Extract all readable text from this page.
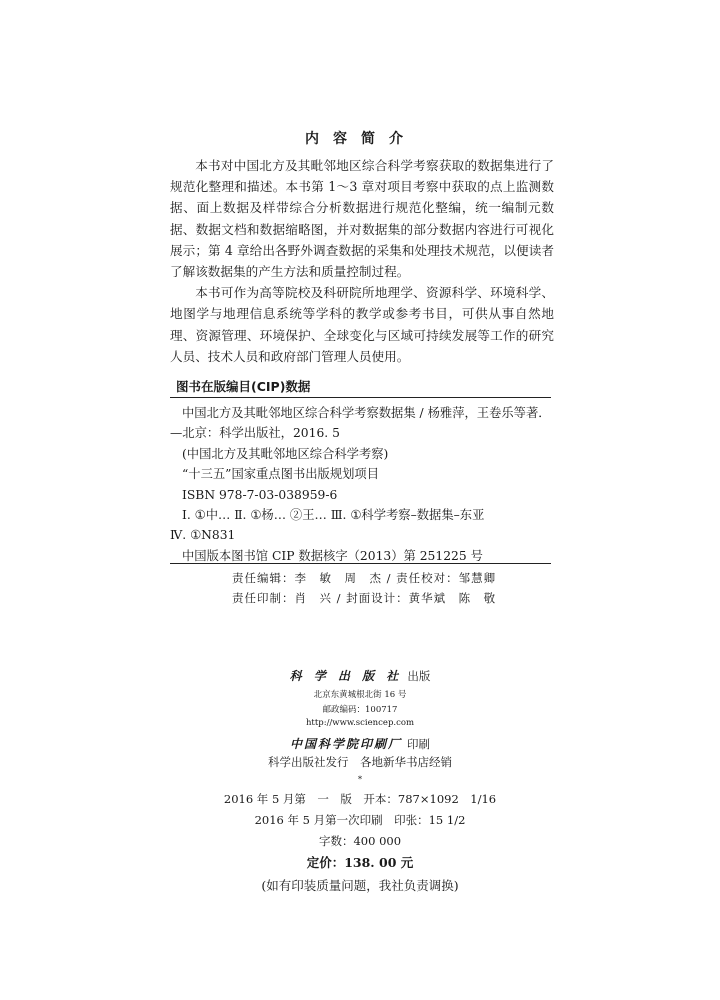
内容简介

本书对中国北方及其毗邻地区综合科学考察获取的数据集进行了规范化整理和描述。本书第 1～3 章对项目考察中获取的点上监测数据、面上数据及样带综合分析数据进行规范化整编，统一编制元数据、数据文档和数据缩略图，并对数据集的部分数据内容进行可视化展示；第 4 章给出各野外调查数据的采集和处理技术规范，以便读者了解该数据集的产生方法和质量控制过程。

本书可作为高等院校及科研院所地理学、资源科学、环境科学、地图学与地理信息系统等学科的教学或参考书目，可供从事自然地理、资源管理、环境保护、全球变化与区域可持续发展等工作的研究人员、技术人员和政府部门管理人员使用。

图书在版编目(CIP)数据
中国北方及其毗邻地区综合科学考察数据集 / 杨雅萍，王卷乐等著．
—北京：科学出版社，2016. 5
(中国北方及其毗邻地区综合科学考察)
“十三五”国家重点图书出版规划项目
ISBN 978-7-03-038959-6
Ⅰ. ①中… Ⅱ. ①杨… ②王… Ⅲ. ①科学考察–数据集–东亚
Ⅳ. ①N831
中国版本图书馆 CIP 数据核字（2013）第 251225 号
责任编辑：李　敏　周　杰 / 责任校对：邹慧卿
责任印制：肖　兴 / 封面设计：黄华斌　陈　敬
科 学 出 版 社 出版
北京东黄城根北街 16 号
邮政编码：100717
http://www.sciencep.com
中国科学院印刷厂 印刷
科学出版社发行　各地新华书店经销
*
2016 年 5 月第　一　版　开本：787×1092　1/16
2016 年 5 月第一次印刷　印张：15 1/2
字数：400 000
定价：138. 00 元
(如有印装质量问题，我社负责调换)
